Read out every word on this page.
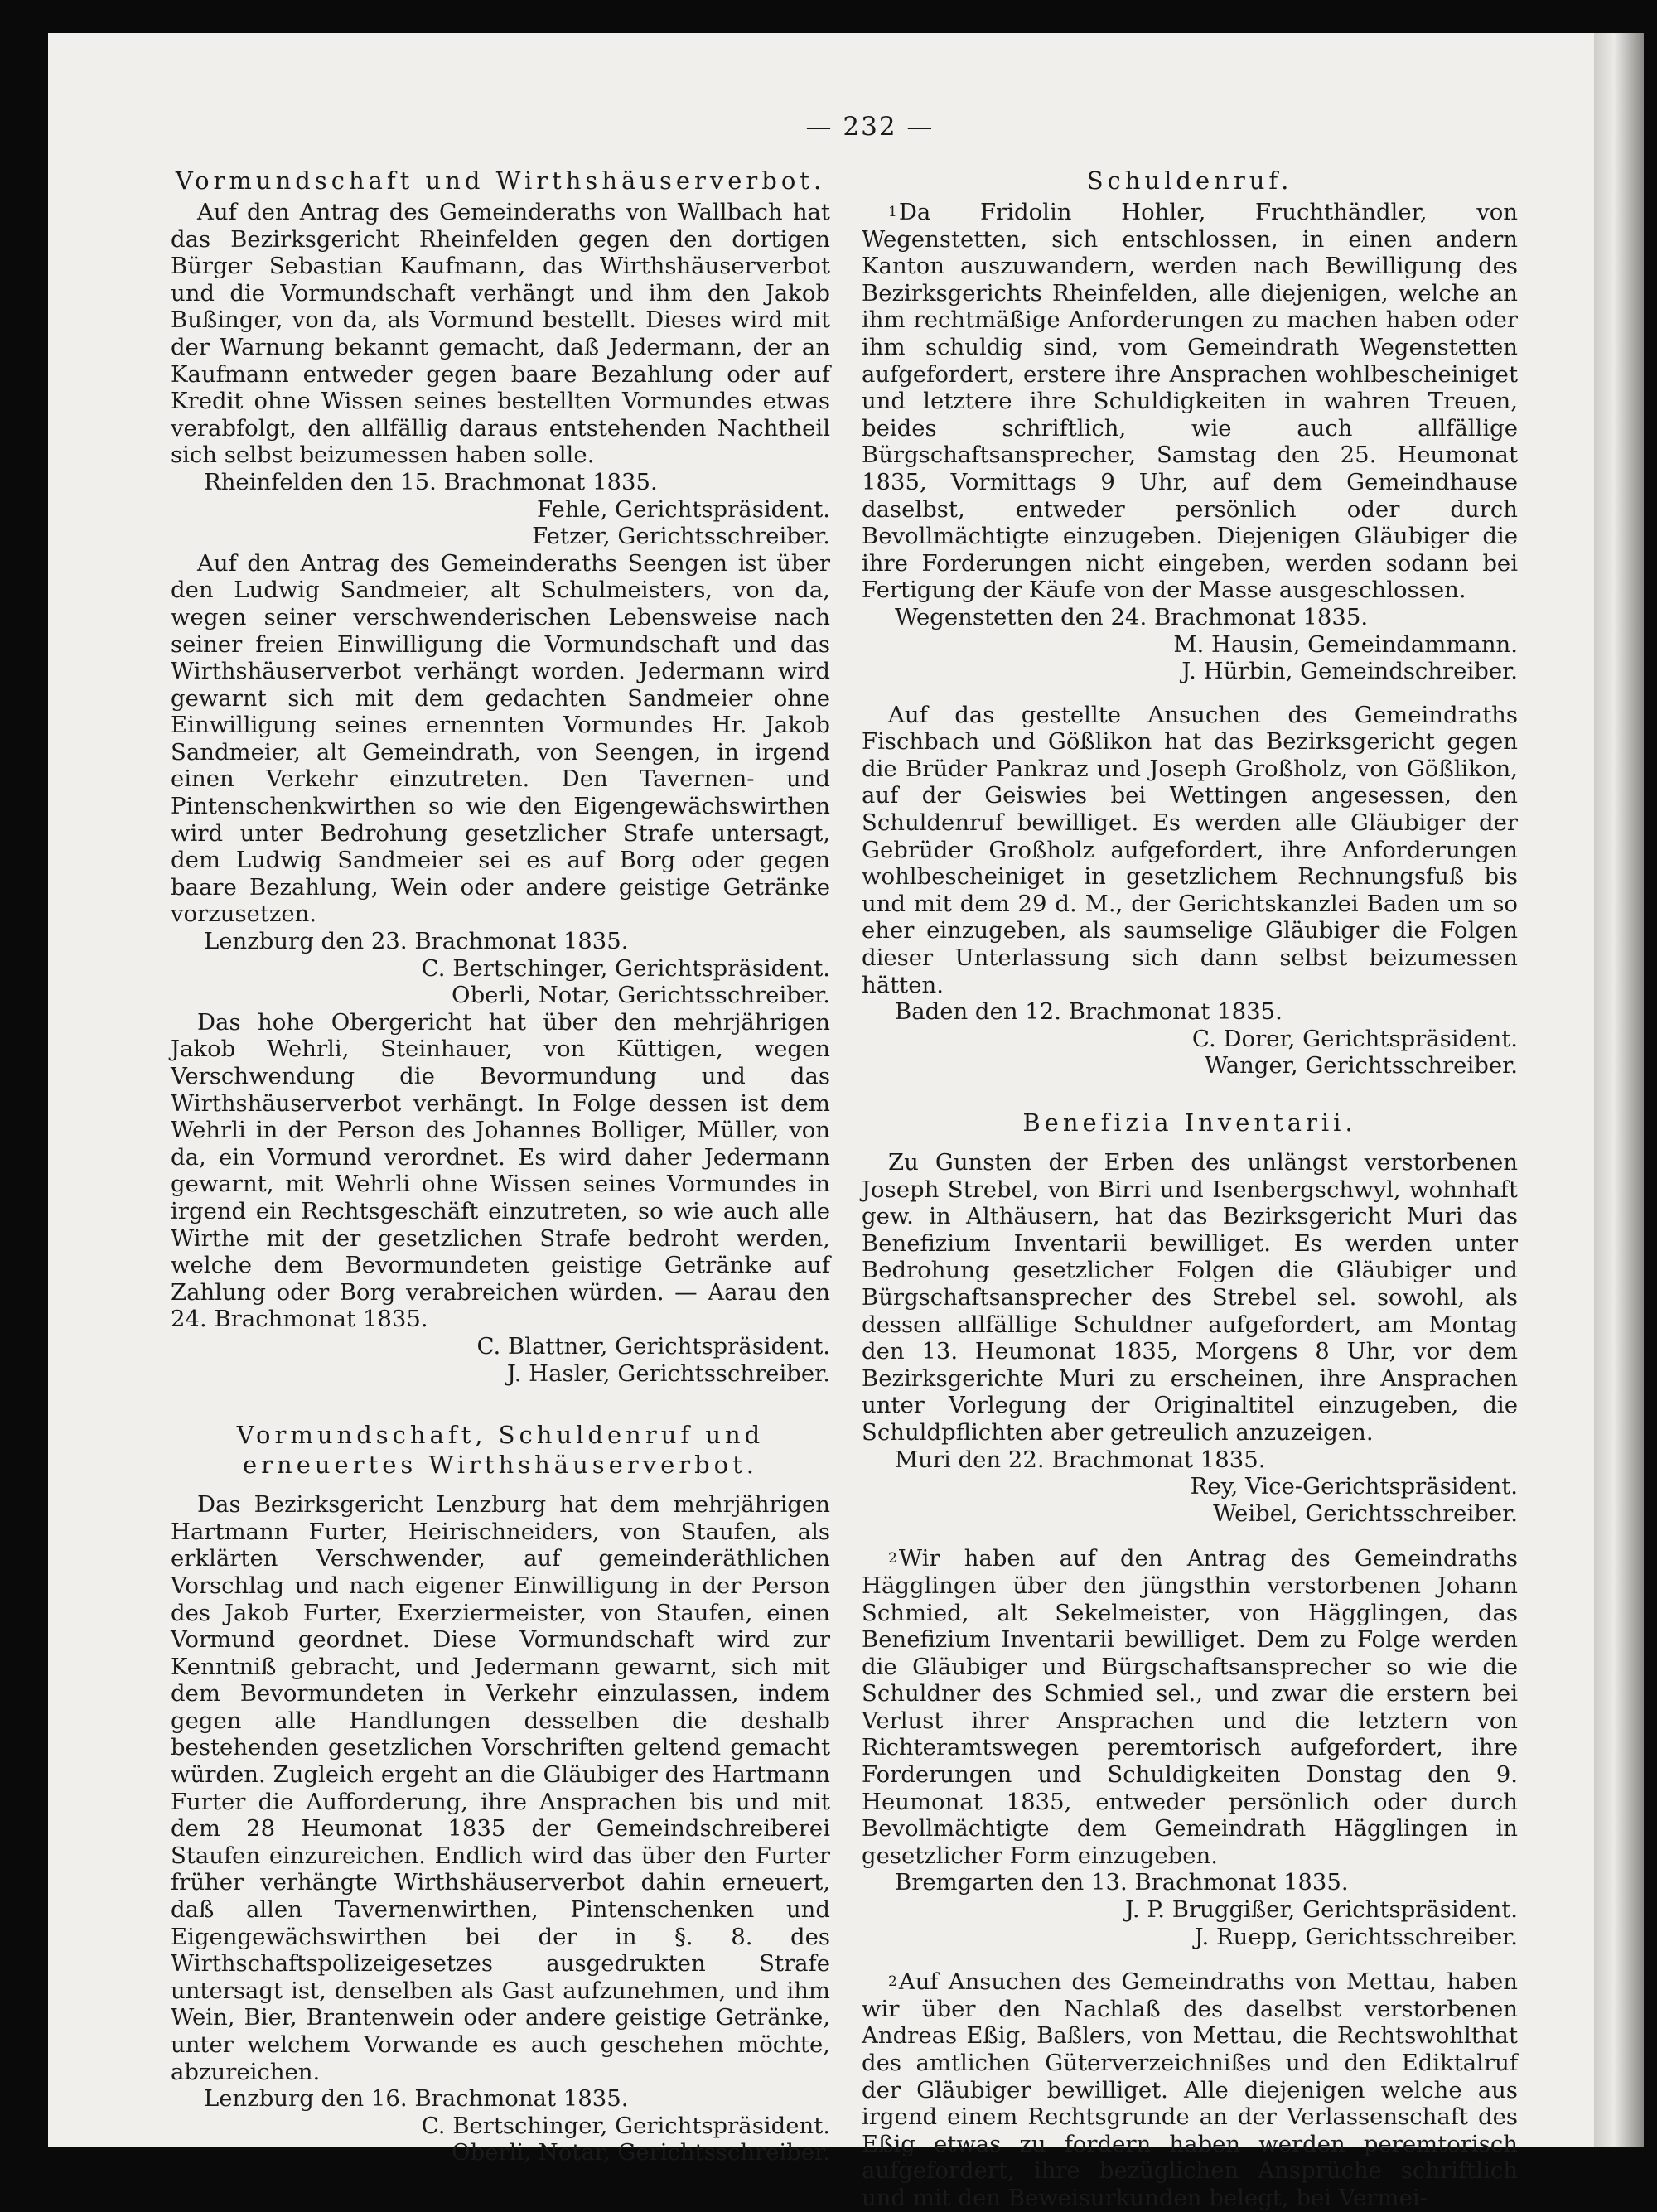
— 232 —
Vormundschaft und Wirthshäuserverbot.

Auf den Antrag des Gemeinderaths von Wallbach hat das Bezirksgericht Rheinfelden gegen den dortigen Bürger Sebastian Kaufmann, das Wirthshäuserverbot und die Vormundschaft verhängt und ihm den Jakob Bußinger, von da, als Vormund bestellt. Dieses wird mit der Warnung bekannt gemacht, daß Jedermann, der an Kaufmann entweder gegen baare Bezahlung oder auf Kredit ohne Wissen seines bestellten Vormundes etwas verabfolgt, den allfällig daraus entstehenden Nachtheil sich selbst beizumessen haben solle.

Rheinfelden den 15. Brachmonat 1835.

Fehle, Gerichtspräsident.

Fetzer, Gerichtsschreiber.

Auf den Antrag des Gemeinderaths Seengen ist über den Ludwig Sandmeier, alt Schulmeisters, von da, wegen seiner verschwenderischen Lebensweise nach seiner freien Einwilligung die Vormundschaft und das Wirthshäuserverbot verhängt worden. Jedermann wird gewarnt sich mit dem gedachten Sandmeier ohne Einwilligung seines ernennten Vormundes Hr. Jakob Sandmeier, alt Gemeindrath, von Seengen, in irgend einen Verkehr einzutreten. Den Tavernen- und Pintenschenkwirthen so wie den Eigengewächswirthen wird unter Bedrohung gesetzlicher Strafe untersagt, dem Ludwig Sandmeier sei es auf Borg oder gegen baare Bezahlung, Wein oder andere geistige Getränke vorzusetzen.

Lenzburg den 23. Brachmonat 1835.

C. Bertschinger, Gerichtspräsident.

Oberli, Notar, Gerichtsschreiber.

Das hohe Obergericht hat über den mehrjährigen Jakob Wehrli, Steinhauer, von Küttigen, wegen Verschwendung die Bevormundung und das Wirthshäuserverbot verhängt. In Folge dessen ist dem Wehrli in der Person des Johannes Bolliger, Müller, von da, ein Vormund verordnet. Es wird daher Jedermann gewarnt, mit Wehrli ohne Wissen seines Vormundes in irgend ein Rechtsgeschäft einzutreten, so wie auch alle Wirthe mit der gesetzlichen Strafe bedroht werden, welche dem Bevormundeten geistige Getränke auf Zahlung oder Borg verabreichen würden. — Aarau den 24. Brachmonat 1835.

C. Blattner, Gerichtspräsident.

J. Hasler, Gerichtsschreiber.

Vormundschaft, Schuldenruf und erneuertes Wirthshäuserverbot.

Das Bezirksgericht Lenzburg hat dem mehrjährigen Hartmann Furter, Heirischneiders, von Staufen, als erklärten Verschwender, auf gemeinderäthlichen Vorschlag und nach eigener Einwilligung in der Person des Jakob Furter, Exerziermeister, von Staufen, einen Vormund geordnet. Diese Vormundschaft wird zur Kenntniß gebracht, und Jedermann gewarnt, sich mit dem Bevormundeten in Verkehr einzulassen, indem gegen alle Handlungen desselben die deshalb bestehenden gesetzlichen Vorschriften geltend gemacht würden. Zugleich ergeht an die Gläubiger des Hartmann Furter die Aufforderung, ihre Ansprachen bis und mit dem 28 Heumonat 1835 der Gemeindschreiberei Staufen einzureichen. Endlich wird das über den Furter früher verhängte Wirthshäuserverbot dahin erneuert, daß allen Tavernenwirthen, Pintenschenken und Eigengewächswirthen bei der in §. 8. des Wirthschaftspolizeigesetzes ausgedrukten Strafe untersagt ist, denselben als Gast aufzunehmen, und ihm Wein, Bier, Brantenwein oder andere geistige Getränke, unter welchem Vorwande es auch geschehen möchte, abzureichen.

Lenzburg den 16. Brachmonat 1835.

C. Bertschinger, Gerichtspräsident.

Oberli, Notar, Gerichtsschreiber.

Schuldenruf.

$^1$Da Fridolin Hohler, Fruchthändler, von Wegenstetten, sich entschlossen, in einen andern Kanton auszuwandern, werden nach Bewilligung des Bezirksgerichts Rheinfelden, alle diejenigen, welche an ihm rechtmäßige Anforderungen zu machen haben oder ihm schuldig sind, vom Gemeindrath Wegenstetten aufgefordert, erstere ihre Ansprachen wohlbescheiniget und letztere ihre Schuldigkeiten in wahren Treuen, beides schriftlich, wie auch allfällige Bürgschaftsansprecher, Samstag den 25. Heumonat 1835, Vormittags 9 Uhr, auf dem Gemeindhause daselbst, entweder persönlich oder durch Bevollmächtigte einzugeben. Diejenigen Gläubiger die ihre Forderungen nicht eingeben, werden sodann bei Fertigung der Käufe von der Masse ausgeschlossen.

Wegenstetten den 24. Brachmonat 1835.

M. Hausin, Gemeindammann.

J. Hürbin, Gemeindschreiber.

Auf das gestellte Ansuchen des Gemeindraths Fischbach und Gößlikon hat das Bezirksgericht gegen die Brüder Pankraz und Joseph Großholz, von Gößlikon, auf der Geiswies bei Wettingen angesessen, den Schuldenruf bewilliget. Es werden alle Gläubiger der Gebrüder Großholz aufgefordert, ihre Anforderungen wohlbescheiniget in gesetzlichem Rechnungsfuß bis und mit dem 29 d. M., der Gerichtskanzlei Baden um so eher einzugeben, als saumselige Gläubiger die Folgen dieser Unterlassung sich dann selbst beizumessen hätten.

Baden den 12. Brachmonat 1835.

C. Dorer, Gerichtspräsident.

Wanger, Gerichtsschreiber.

Benefizia Inventarii.

Zu Gunsten der Erben des unlängst verstorbenen Joseph Strebel, von Birri und Isenbergschwyl, wohnhaft gew. in Althäusern, hat das Bezirksgericht Muri das Benefizium Inventarii bewilliget. Es werden unter Bedrohung gesetzlicher Folgen die Gläubiger und Bürgschaftsansprecher des Strebel sel. sowohl, als dessen allfällige Schuldner aufgefordert, am Montag den 13. Heumonat 1835, Morgens 8 Uhr, vor dem Bezirksgerichte Muri zu erscheinen, ihre Ansprachen unter Vorlegung der Originaltitel einzugeben, die Schuldpflichten aber getreulich anzuzeigen.

Muri den 22. Brachmonat 1835.

Rey, Vice-Gerichtspräsident.

Weibel, Gerichtsschreiber.

$^2$Wir haben auf den Antrag des Gemeindraths Hägglingen über den jüngsthin verstorbenen Johann Schmied, alt Sekelmeister, von Hägglingen, das Benefizium Inventarii bewilliget. Dem zu Folge werden die Gläubiger und Bürgschaftsansprecher so wie die Schuldner des Schmied sel., und zwar die erstern bei Verlust ihrer Ansprachen und die letztern von Richteramtswegen peremtorisch aufgefordert, ihre Forderungen und Schuldigkeiten Donstag den 9. Heumonat 1835, entweder persönlich oder durch Bevollmächtigte dem Gemeindrath Hägglingen in gesetzlicher Form einzugeben.

Bremgarten den 13. Brachmonat 1835.

J. P. Bruggißer, Gerichtspräsident.

J. Ruepp, Gerichtsschreiber.

$^2$Auf Ansuchen des Gemeindraths von Mettau, haben wir über den Nachlaß des daselbst verstorbenen Andreas Eßig, Baßlers, von Mettau, die Rechtswohlthat des amtlichen Güterverzeichnißes und den Ediktalruf der Gläubiger bewilliget. Alle diejenigen welche aus irgend einem Rechtsgrunde an der Verlassenschaft des Eßig etwas zu fordern haben werden peremtorisch aufgefordert, ihre bezüglichen Ansprüche schriftlich und mit den Beweisurkunden belegt, bei Vermei-
